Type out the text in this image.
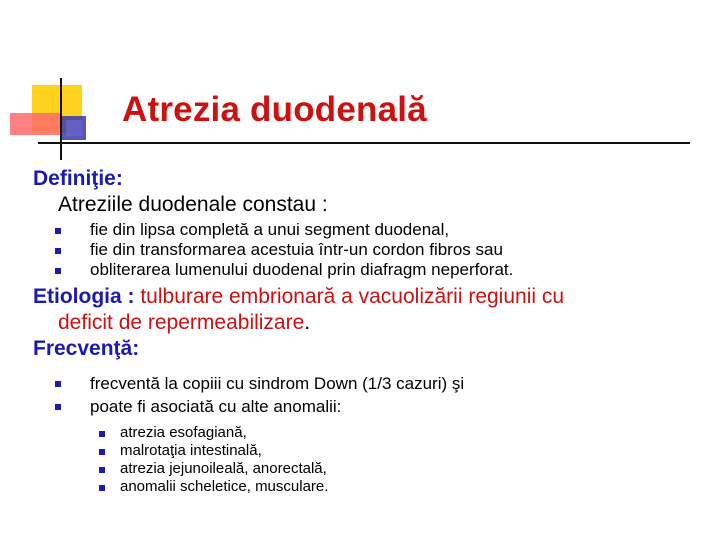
Atrezia duodenală
Definiţie:
Atreziile duodenale constau :
fie din lipsa completă a unui segment duodenal,
fie din transformarea acestuia într-un cordon fibros sau
obliterarea lumenului duodenal prin diafragm neperforat.
Etiologia : tulburare embrionară a vacuolizării regiunii cu
deficit de repermeabilizare.
Frecvenţă:
frecventă la copiii cu sindrom Down (1/3 cazuri) şi
poate fi asociată cu alte anomalii:
atrezia esofagiană,
malrotaţia intestinală,
atrezia jejunoileală, anorectală,
anomalii scheletice, musculare.
